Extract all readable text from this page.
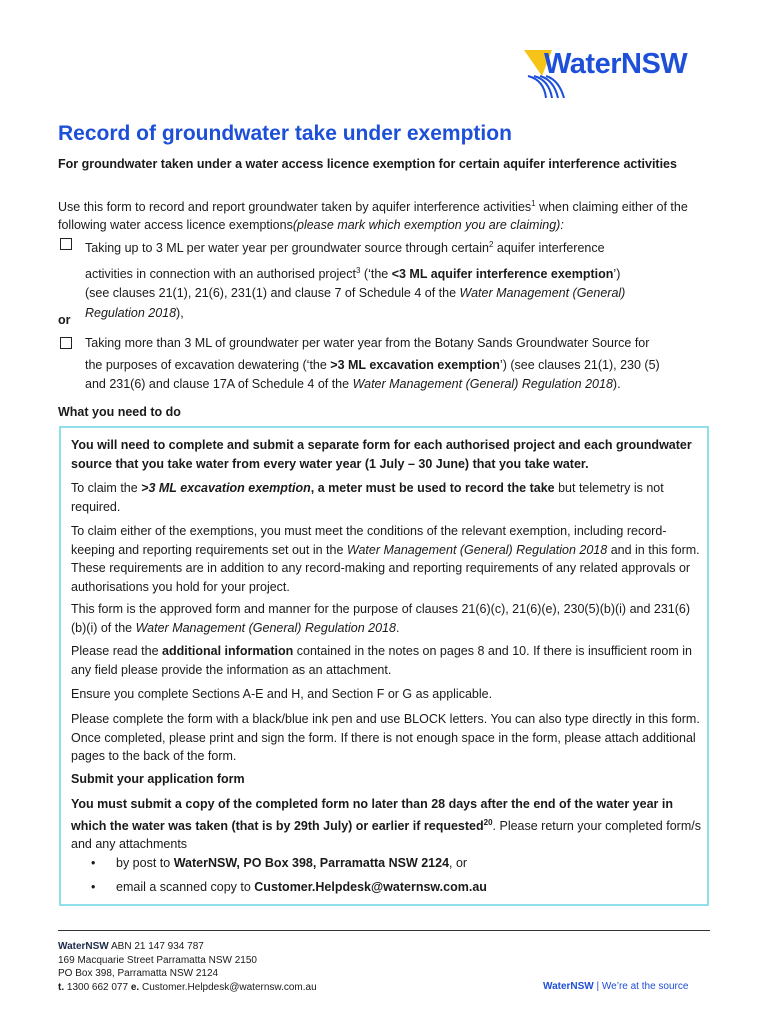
WaterNSW
Record of groundwater take under exemption
For groundwater taken under a water access licence exemption for certain aquifer interference activities
Use this form to record and report groundwater taken by aquifer interference activities$^1$ when claiming either of the following water access licence exemptions(please mark which exemption you are claiming):
Taking up to 3 ML per water year per groundwater source through certain$^2$ aquifer interference
activities in connection with an authorised project$^3$ (‘the <3 ML aquifer interference exemption’)
(see clauses 21(1), 21(6), 231(1) and clause 7 of Schedule 4 of the Water Management (General)
Regulation 2018),
or
Taking more than 3 ML of groundwater per water year from the Botany Sands Groundwater Source for
the purposes of excavation dewatering (‘the >3 ML excavation exemption’) (see clauses 21(1), 230 (5)
and 231(6) and clause 17A of Schedule 4 of the Water Management (General) Regulation 2018).
What you need to do

You will need to complete and submit a separate form for each authorised project and each groundwater source that you take water from every water year (1 July – 30 June) that you take water.

To claim the >3 ML excavation exemption, a meter must be used to record the take but telemetry is not required.

To claim either of the exemptions, you must meet the conditions of the relevant exemption, including record-keeping and reporting requirements set out in the Water Management (General) Regulation 2018 and in this form. These requirements are in addition to any record-making and reporting requirements of any related approvals or authorisations you hold for your project.

This form is the approved form and manner for the purpose of clauses 21(6)(c), 21(6)(e), 230(5)(b)(i) and 231(6)(b)(i) of the Water Management (General) Regulation 2018.

Please read the additional information contained in the notes on pages 8 and 10. If there is insufficient room in any field please provide the information as an attachment.

Ensure you complete Sections A-E and H, and Section F or G as applicable.

Please complete the form with a black/blue ink pen and use BLOCK letters. You can also type directly in this form. Once completed, please print and sign the form. If there is not enough space in the form, please attach additional pages to the back of the form.

Submit your application form

You must submit a copy of the completed form no later than 28 days after the end of the water year in which the water was taken (that is by 29th July) or earlier if requested$^{20}$. Please return your completed form/s and any attachments

• by post to WaterNSW, PO Box 398, Parramatta NSW 2124, or
• email a scanned copy to Customer.Helpdesk@waternsw.com.au
WaterNSW ABN 21 147 934 787
169 Macquarie Street Parramatta NSW 2150
PO Box 398, Parramatta NSW 2124
t. 1300 662 077 e. Customer.Helpdesk@waternsw.com.au	WaterNSW | We’re at the source
